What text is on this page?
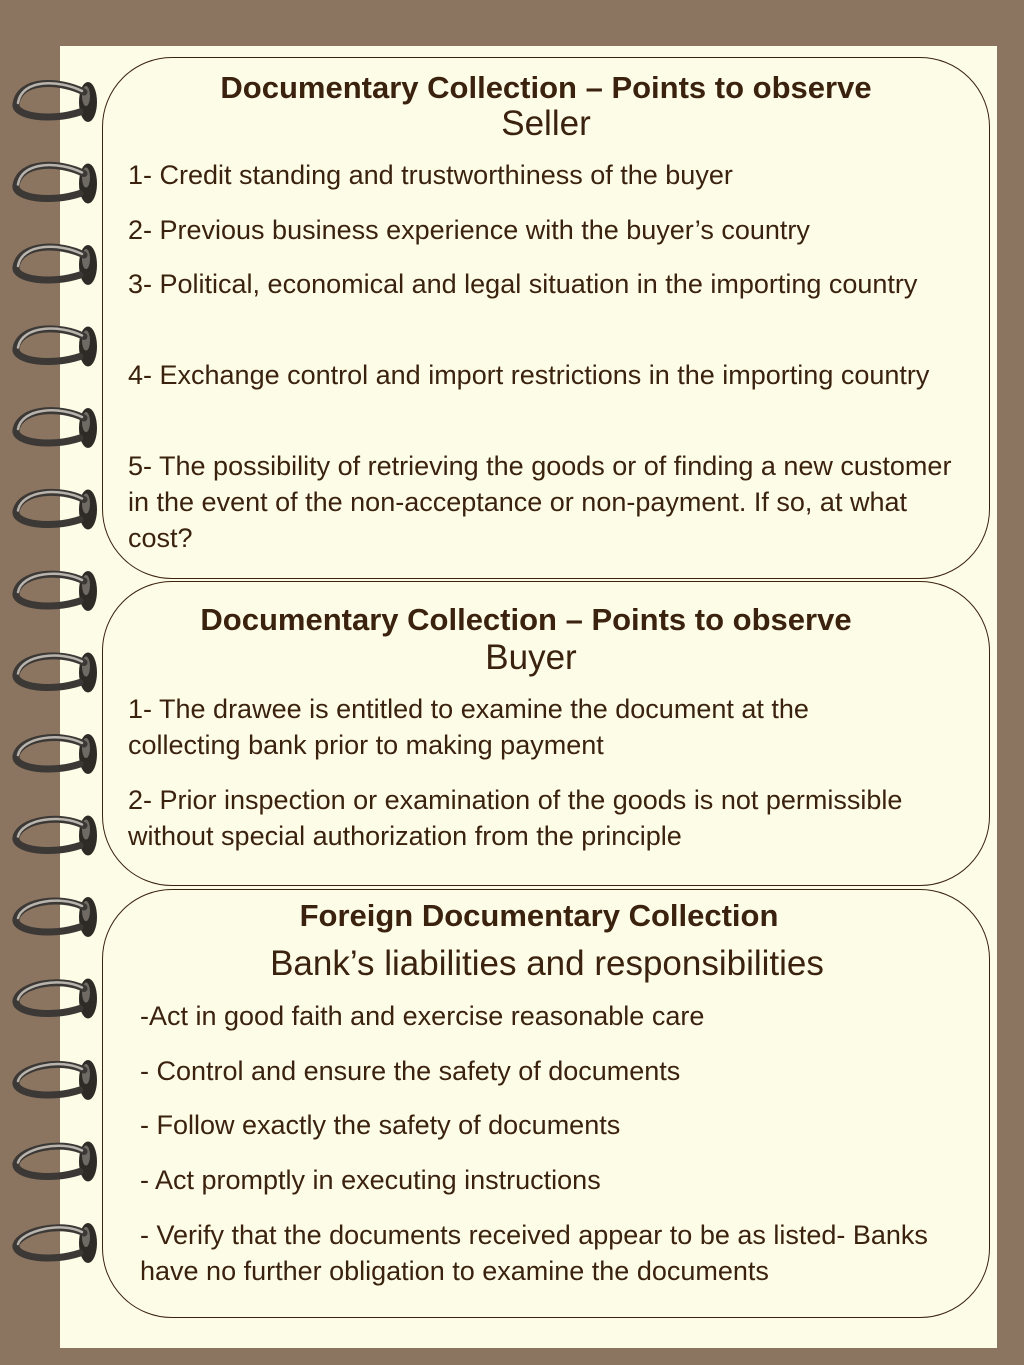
Documentary Collection – Points to observe
Seller
1- Credit standing and trustworthiness of the buyer
2- Previous business experience with the buyer’s country
3- Political, economical and legal situation in the importing country
4- Exchange control and import restrictions in the importing country
5- The possibility of retrieving the goods or of finding a new customer in the event of the non-acceptance or non-payment. If so, at what cost?
Documentary Collection – Points to observe
Buyer
1- The drawee is entitled to examine the document at the collecting bank prior to making payment
2- Prior inspection or examination of the goods is not permissible without special authorization from the principle
Foreign Documentary Collection
Bank’s liabilities and responsibilities
-Act in good faith and exercise reasonable care
- Control and ensure the safety of documents
- Follow exactly the safety of documents
- Act promptly in executing instructions
- Verify that the documents received appear to be as listed- Banks have no further obligation to examine the documents
